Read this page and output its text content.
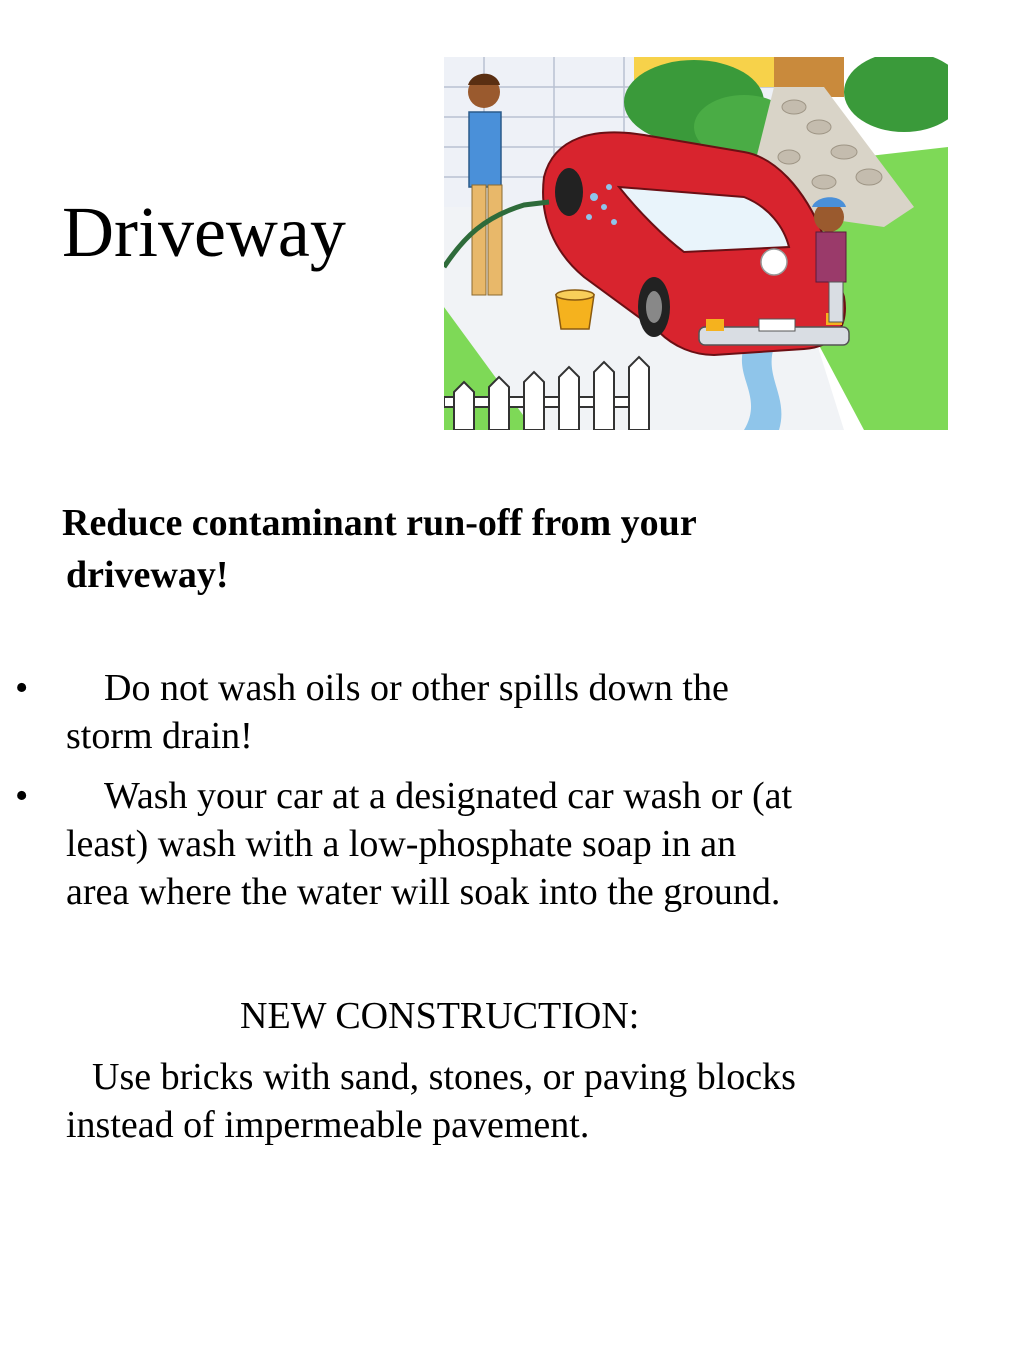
Driveway
Reduce contaminant run-off from your
driveway!
•	Do not wash oils or other spills down the
storm drain!
•	Wash your car at a designated car wash or (at
least) wash with a low-phosphate soap in an
area where the water will soak into the ground.
NEW CONSTRUCTION:

Use bricks with sand, stones, or paving blocks
instead of impermeable pavement.
